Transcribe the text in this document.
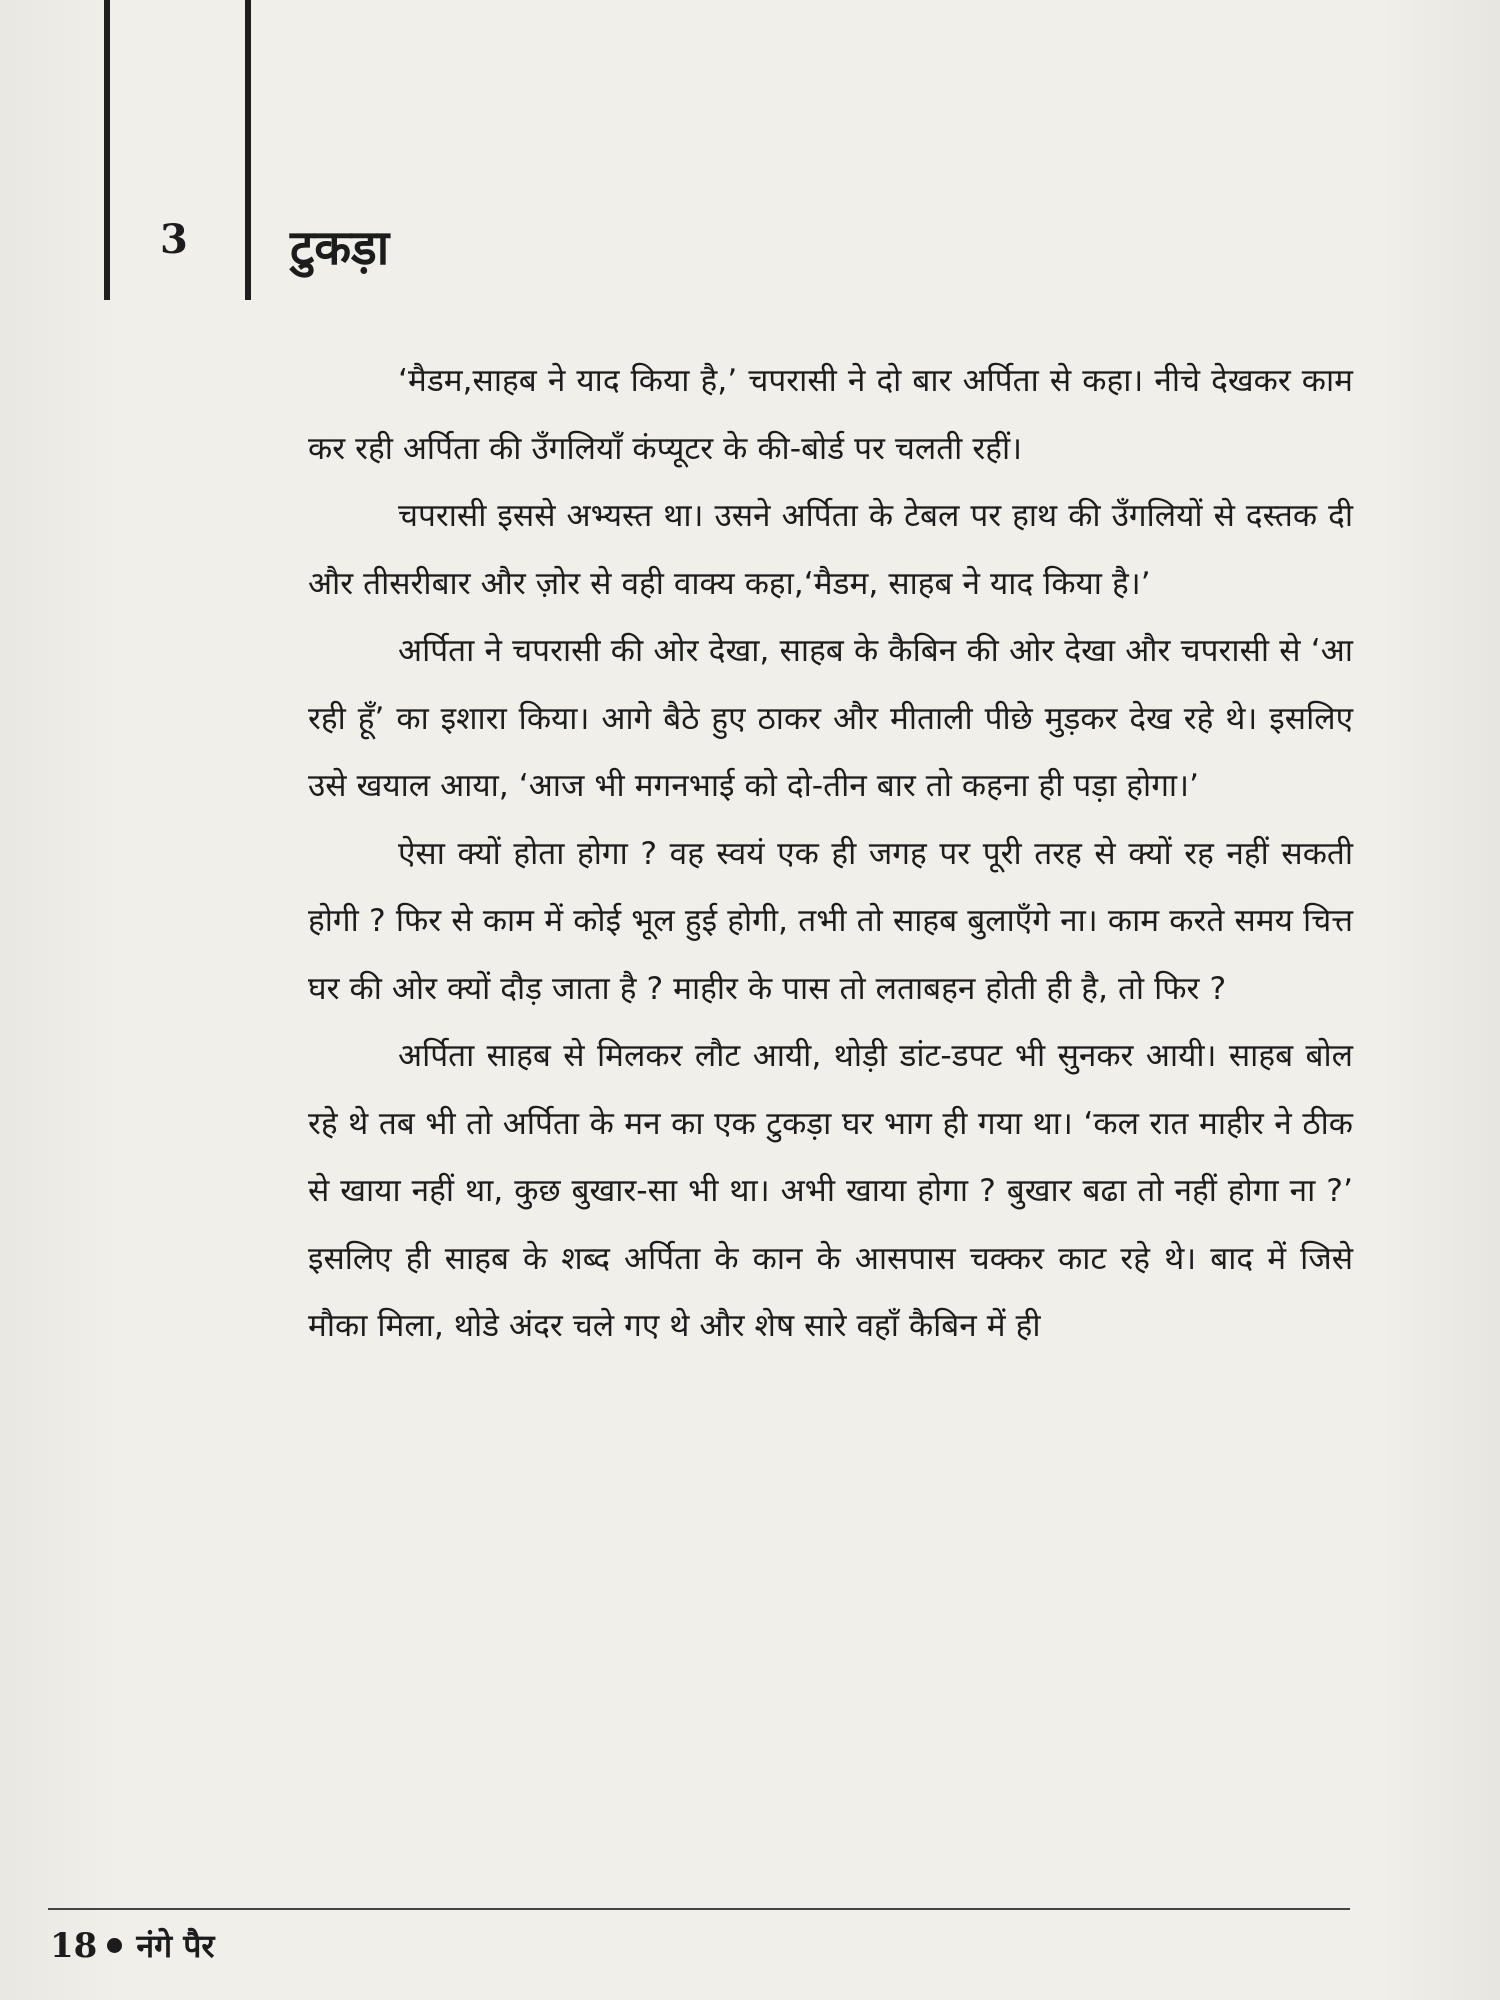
3 टुकड़ा

‘मैडम,साहब ने याद किया है,’ चपरासी ने दो बार अर्पिता से कहा। नीचे देखकर काम कर रही अर्पिता की उँगलियाँ कंप्यूटर के की-बोर्ड पर चलती रहीं।

चपरासी इससे अभ्यस्त था। उसने अर्पिता के टेबल पर हाथ की उँगलियों से दस्तक दी और तीसरीबार और ज़ोर से वही वाक्य कहा,‘मैडम, साहब ने याद किया है।’

अर्पिता ने चपरासी की ओर देखा, साहब के कैबिन की ओर देखा और चपरासी से ‘आ रही हूँ’ का इशारा किया। आगे बैठे हुए ठाकर और मीताली पीछे मुड़कर देख रहे थे। इसलिए उसे खयाल आया, ‘आज भी मगनभाई को दो-तीन बार तो कहना ही पड़ा होगा।’

ऐसा क्यों होता होगा ? वह स्वयं एक ही जगह पर पूरी तरह से क्यों रह नहीं सकती होगी ? फिर से काम में कोई भूल हुई होगी, तभी तो साहब बुलाएँगे ना। काम करते समय चित्त घर की ओर क्यों दौड़ जाता है ? माहीर के पास तो लताबहन होती ही है, तो फिर ?

अर्पिता साहब से मिलकर लौट आयी, थोड़ी डांट-डपट भी सुनकर आयी। साहब बोल रहे थे तब भी तो अर्पिता के मन का एक टुकड़ा घर भाग ही गया था। ‘कल रात माहीर ने ठीक से खाया नहीं था, कुछ बुखार-सा भी था। अभी खाया होगा ? बुखार बढा तो नहीं होगा ना ?’ इसलिए ही साहब के शब्द अर्पिता के कान के आसपास चक्कर काट रहे थे। बाद में जिसे मौका मिला, थोडे अंदर चले गए थे और शेष सारे वहाँ कैबिन में ही

18 नंगे पैर
